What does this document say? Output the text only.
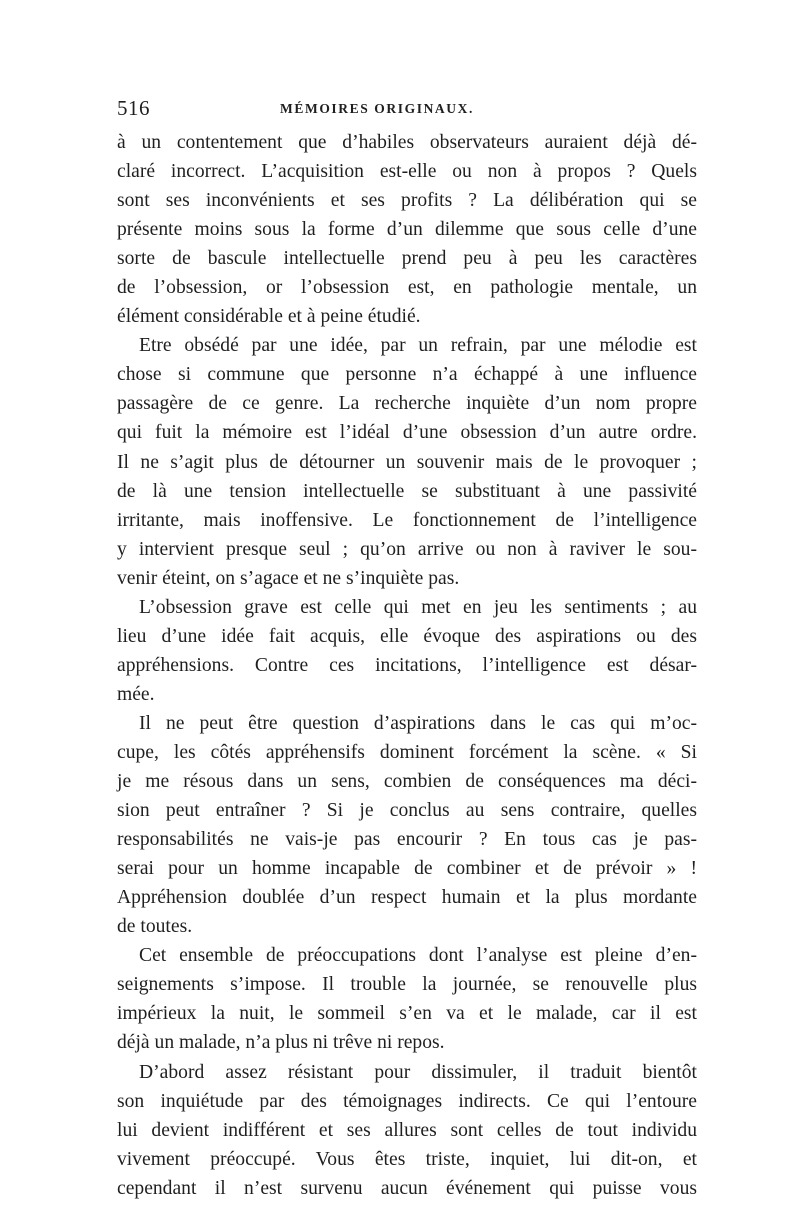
516	MÉMOIRES ORIGINAUX.
à un contentement que d’habiles observateurs auraient déjà dé-
claré incorrect. L’acquisition est-elle ou non à propos ? Quels
sont ses inconvénients et ses profits ? La délibération qui se
présente moins sous la forme d’un dilemme que sous celle d’une
sorte de bascule intellectuelle prend peu à peu les caractères
de l’obsession, or l’obsession est, en pathologie mentale, un
élément considérable et à peine étudié.
Etre obsédé par une idée, par un refrain, par une mélodie est
chose si commune que personne n’a échappé à une influence
passagère de ce genre. La recherche inquiète d’un nom propre
qui fuit la mémoire est l’idéal d’une obsession d’un autre ordre.
Il ne s’agit plus de détourner un souvenir mais de le provoquer ;
de là une tension intellectuelle se substituant à une passivité
irritante, mais inoffensive. Le fonctionnement de l’intelligence
y intervient presque seul ; qu’on arrive ou non à raviver le sou-
venir éteint, on s’agace et ne s’inquiète pas.
L’obsession grave est celle qui met en jeu les sentiments ; au
lieu d’une idée fait acquis, elle évoque des aspirations ou des
appréhensions. Contre ces incitations, l’intelligence est désar-
mée.
Il ne peut être question d’aspirations dans le cas qui m’oc-
cupe, les côtés appréhensifs dominent forcément la scène. « Si
je me résous dans un sens, combien de conséquences ma déci-
sion peut entraîner ? Si je conclus au sens contraire, quelles
responsabilités ne vais-je pas encourir ? En tous cas je pas-
serai pour un homme incapable de combiner et de prévoir » !
Appréhension doublée d’un respect humain et la plus mordante
de toutes.
Cet ensemble de préoccupations dont l’analyse est pleine d’en-
seignements s’impose. Il trouble la journée, se renouvelle plus
impérieux la nuit, le sommeil s’en va et le malade, car il est
déjà un malade, n’a plus ni trêve ni repos.
D’abord assez résistant pour dissimuler, il traduit bientôt
son inquiétude par des témoignages indirects. Ce qui l’entoure
lui devient indifférent et ses allures sont celles de tout individu
vivement préoccupé. Vous êtes triste, inquiet, lui dit-on, et
cependant il n’est survenu aucun événement qui puisse vous
